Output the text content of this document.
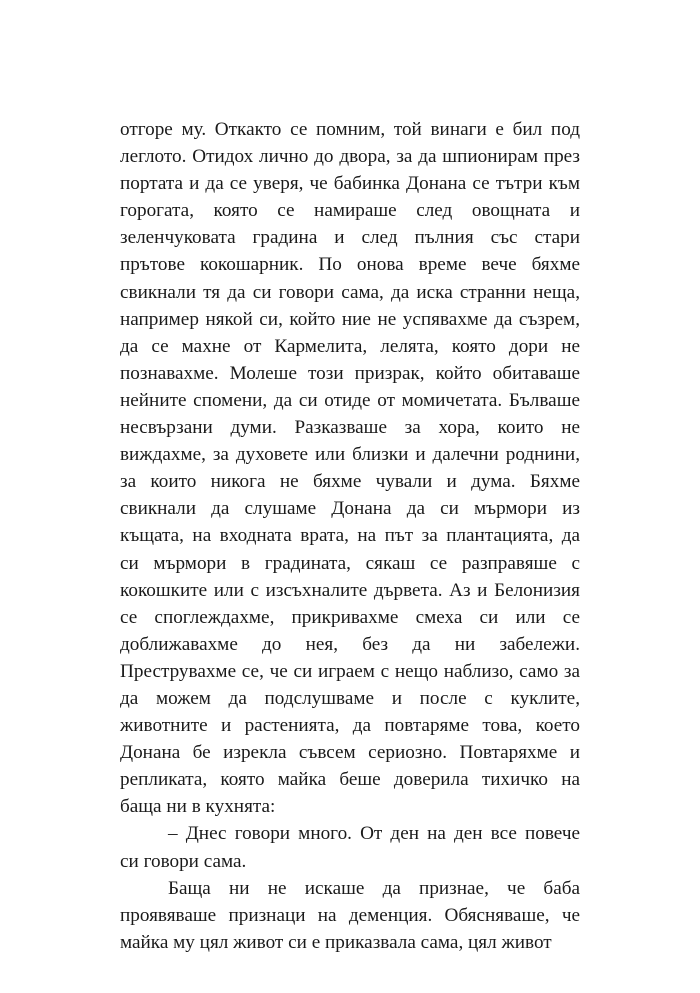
отгоре му. Откакто се помним, той винаги е бил под
леглото. Отидох лично до двора, за да шпионирам през
портата и да се уверя, че бабинка Донана се тътри към
горогата, която се намираше след овощната и
зеленчуковата градина и след пълния със стари
прътове кокошарник. По онова време вече бяхме
свикнали тя да си говори сама, да иска странни неща,
например някой си, който ние не успявахме да съзрем,
да се махне от Кармелита, лелята, която дори не
познавахме. Молеше този призрак, който обитаваше
нейните спомени, да си отиде от момичетата. Бълваше
несвързани думи. Разказваше за хора, които не
виждахме, за духовете или близки и далечни роднини,
за които никога не бяхме чували и дума. Бяхме
свикнали да слушаме Донана да си мърмори из
къщата, на входната врата, на път за плантацията, да
си мърмори в градината, сякаш се разправяше с
кокошките или с изсъхналите дървета. Аз и Белонизия
се споглеждахме, прикривахме смеха си или се
доближавахме до нея, без да ни забележи.
Преструвахме се, че си играем с нещо наблизо, само за
да можем да подслушваме и после с куклите,
животните и растенията, да повтаряме това, което
Донана бе изрекла съвсем сериозно. Повтаряхме и
репликата, която майка беше доверила тихичко на
баща ни в кухнята:

– Днес говори много. От ден на ден все повече
си говори сама.

Баща ни не искаше да признае, че баба
проявяваше признаци на деменция. Обясняваше, че
майка му цял живот си е приказвала сама, цял живот
